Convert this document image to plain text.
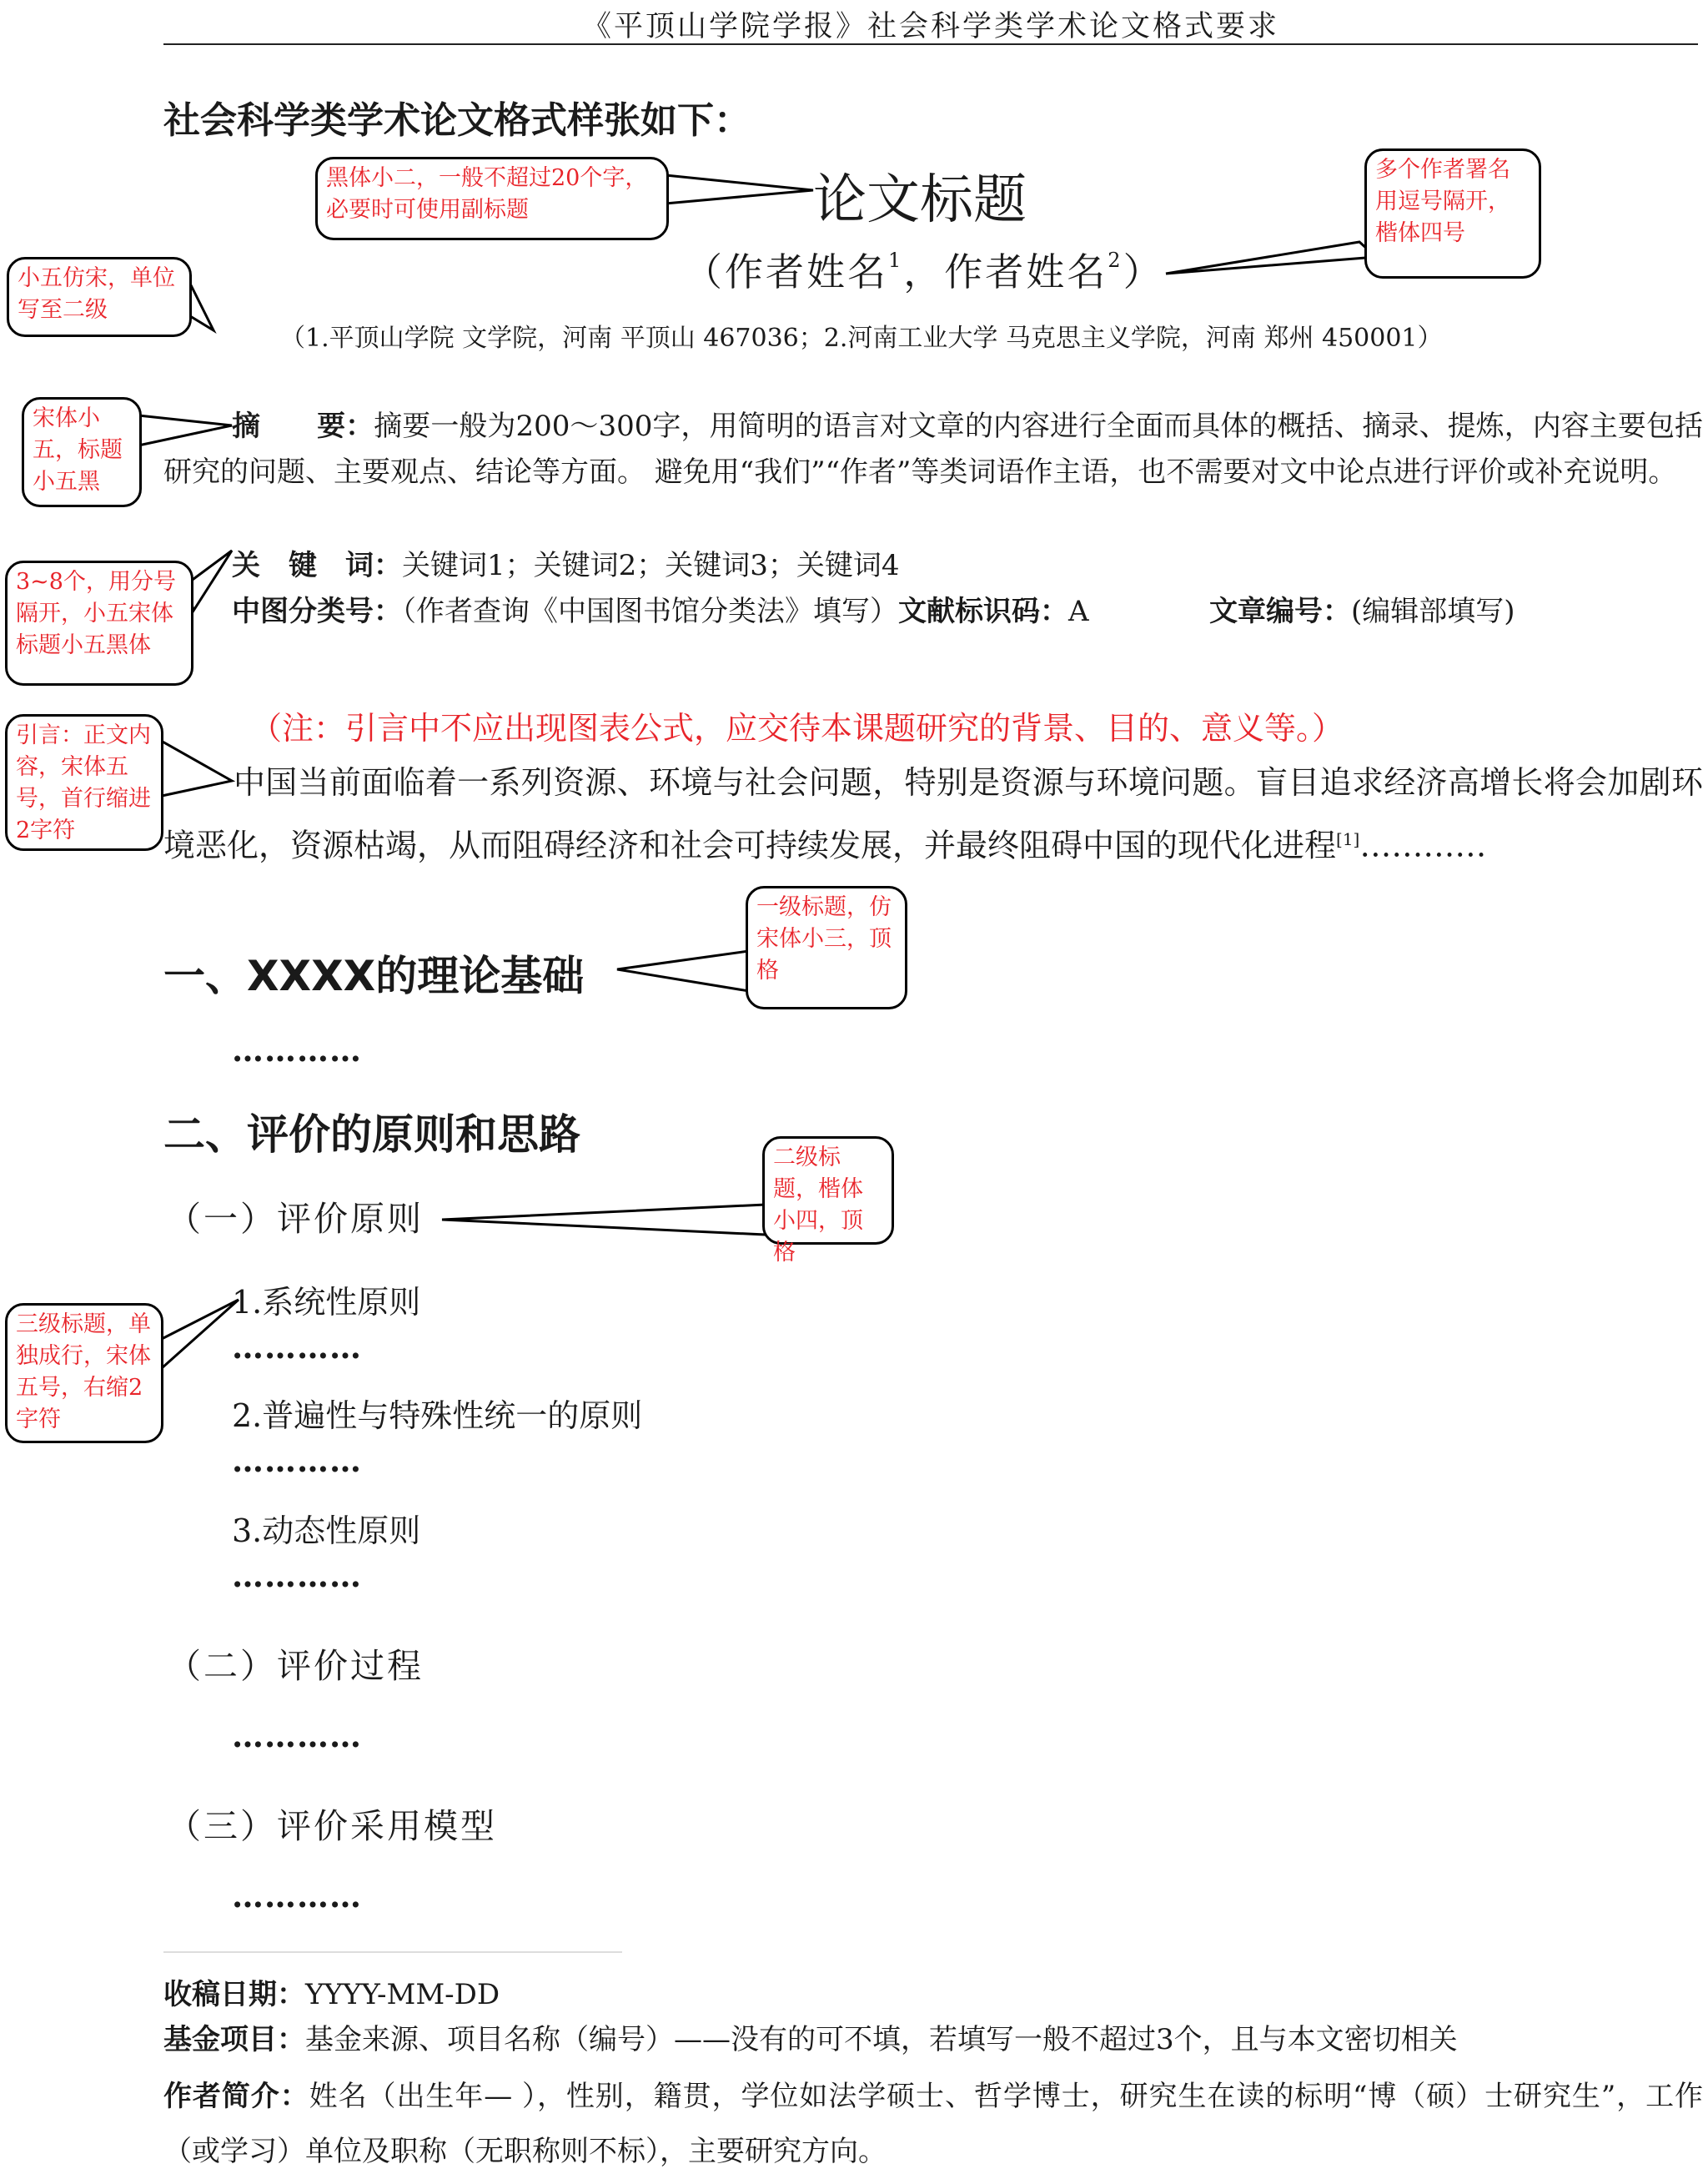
《平顶山学院学报》社会科学类学术论文格式要求
社会科学类学术论文格式样张如下：
论文标题
（作者姓名$^1$，作者姓名$^2$）
（1.平顶山学院 文学院，河南 平顶山 467036；2.河南工业大学 马克思主义学院，河南 郑州 450001）
摘　　要：摘要一般为200～300字，用简明的语言对文章的内容进行全面而具体的概括、摘录、提炼，内容主要包括研究的问题、主要观点、结论等方面。 避免用“我们”“作者”等类词语作主语，也不需要对文中论点进行评价或补充说明。
关　键　词：关键词1；关键词2；关键词3；关键词4
中图分类号：（作者查询《中国图书馆分类法》填写）文献标识码：A	文章编号：(编辑部填写)
（注：引言中不应出现图表公式，应交待本课题研究的背景、目的、意义等。）
中国当前面临着一系列资源、环境与社会问题，特别是资源与环境问题。盲目追求经济高增长将会加剧环境恶化，资源枯竭，从而阻碍经济和社会可持续发展，并最终阻碍中国的现代化进程[1]…………
一、XXXX的理论基础
…………
二、评价的原则和思路
（一）评价原则
1.系统性原则
…………
2.普遍性与特殊性统一的原则
…………
3.动态性原则
…………
（二）评价过程
…………
（三）评价采用模型
…………
收稿日期：YYYY-MM-DD
基金项目：基金来源、项目名称（编号）——没有的可不填，若填写一般不超过3个，且与本文密切相关
作者简介：姓名（出生年— ），性别，籍贯，学位如法学硕士、哲学博士，研究生在读的标明“博（硕）士研究生”，工作（或学习）单位及职称（无职称则不标），主要研究方向。
黑体小二，一般不超过20个字，必要时可使用副标题
多个作者署名用逗号隔开，楷体四号
小五仿宋，单位写至二级
宋体小五，标题小五黑
3~8个，用分号隔开，小五宋体标题小五黑体
引言：正文内容，宋体五号，首行缩进2字符
一级标题，仿宋体小三，顶格
二级标题，楷体小四，顶格
三级标题，单独成行，宋体五号，右缩2字符
